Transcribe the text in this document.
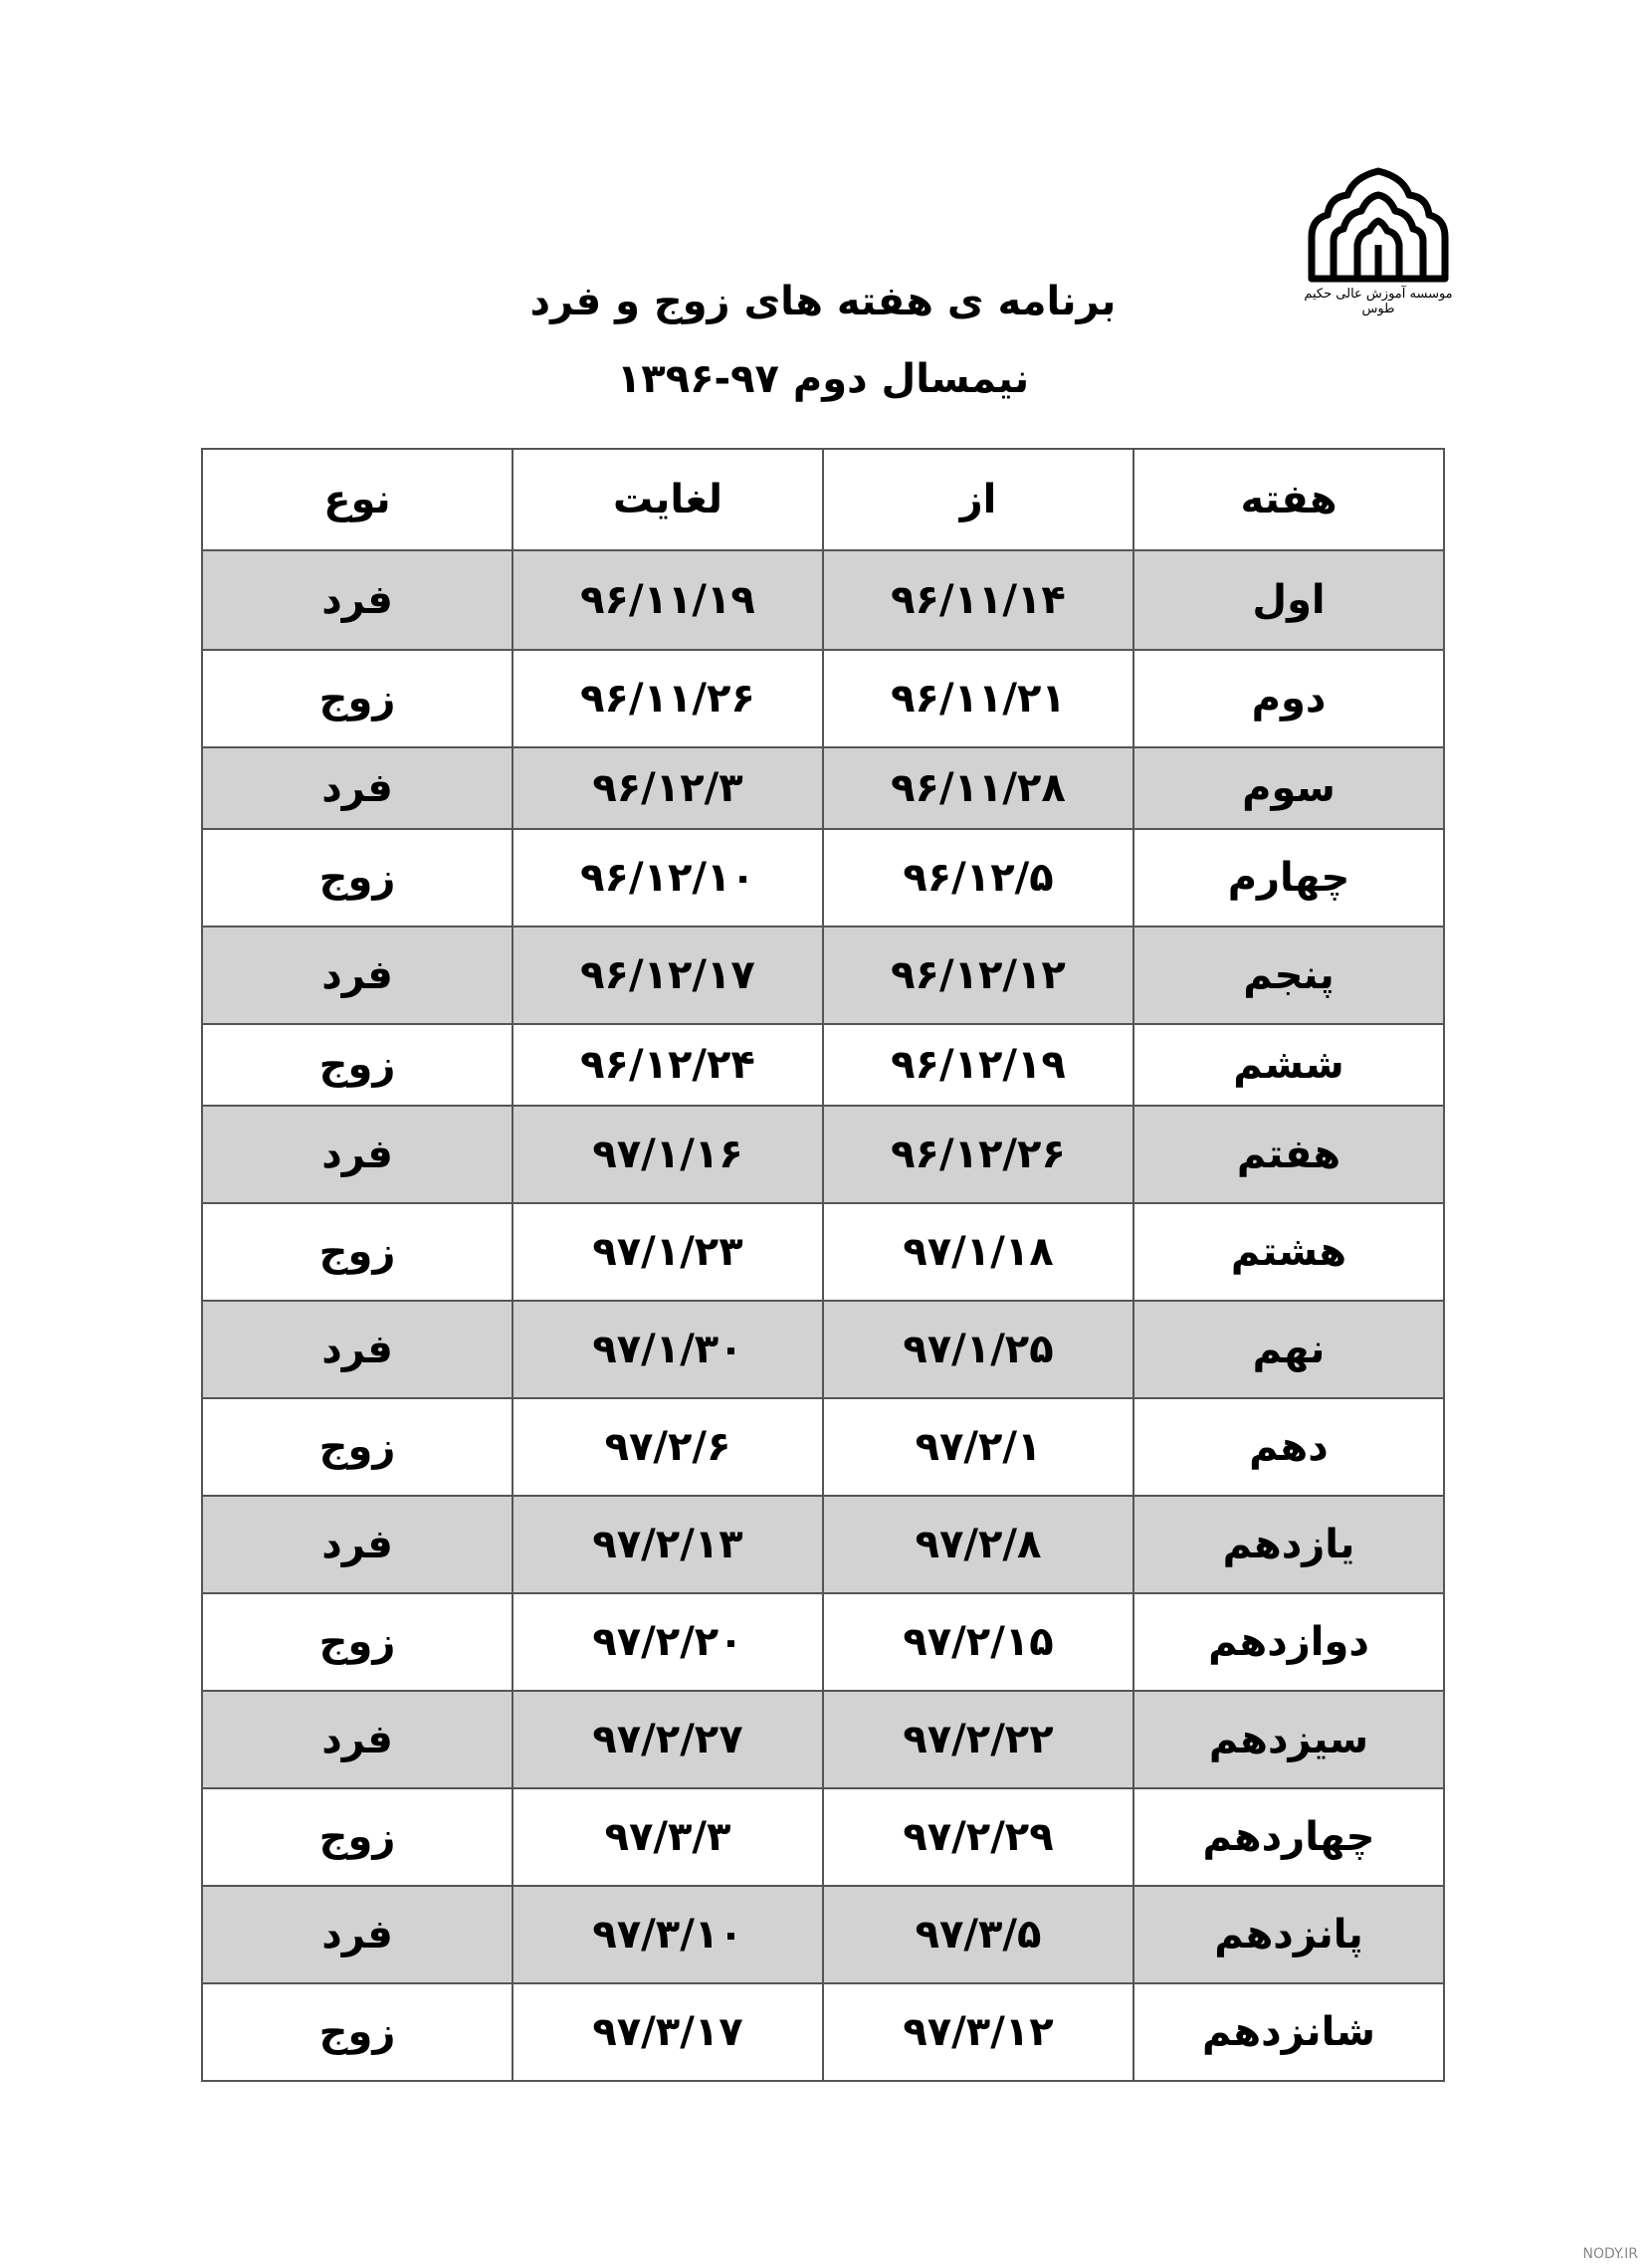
موسسه آموزش عالی حکیم طوس
برنامه ی هفته های زوج و فرد
نیمسال دوم ۹۷-۱۳۹۶
هفته	از	لغایت	نوع
اول	۹۶/۱۱/۱۴	۹۶/۱۱/۱۹	فرد
دوم	۹۶/۱۱/۲۱	۹۶/۱۱/۲۶	زوج
سوم	۹۶/۱۱/۲۸	۹۶/۱۲/۳	فرد
چهارم	۹۶/۱۲/۵	۹۶/۱۲/۱۰	زوج
پنجم	۹۶/۱۲/۱۲	۹۶/۱۲/۱۷	فرد
ششم	۹۶/۱۲/۱۹	۹۶/۱۲/۲۴	زوج
هفتم	۹۶/۱۲/۲۶	۹۷/۱/۱۶	فرد
هشتم	۹۷/۱/۱۸	۹۷/۱/۲۳	زوج
نهم	۹۷/۱/۲۵	۹۷/۱/۳۰	فرد
دهم	۹۷/۲/۱	۹۷/۲/۶	زوج
یازدهم	۹۷/۲/۸	۹۷/۲/۱۳	فرد
دوازدهم	۹۷/۲/۱۵	۹۷/۲/۲۰	زوج
سیزدهم	۹۷/۲/۲۲	۹۷/۲/۲۷	فرد
چهاردهم	۹۷/۲/۲۹	۹۷/۳/۳	زوج
پانزدهم	۹۷/۳/۵	۹۷/۳/۱۰	فرد
شانزدهم	۹۷/۳/۱۲	۹۷/۳/۱۷	زوج
NODY.IR
